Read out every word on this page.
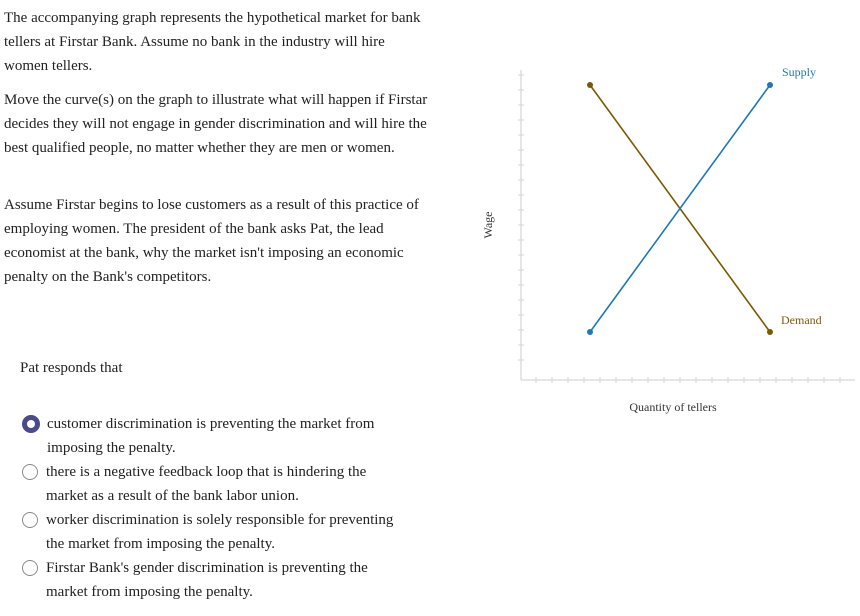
The accompanying graph represents the hypothetical market for bank tellers at Firstar Bank. Assume no bank in the industry will hire women tellers.

Move the curve(s) on the graph to illustrate what will happen if Firstar decides they will not engage in gender discrimination and will hire the best qualified people, no matter whether they are men or women.

Assume Firstar begins to lose customers as a result of this practice of employing women. The president of the bank asks Pat, the lead economist at the bank, why the market isn't imposing an economic penalty on the Bank's competitors.

Pat responds that
customer discrimination is preventing the market from imposing the penalty.
there is a negative feedback loop that is hindering the market as a result of the bank labor union.
worker discrimination is solely responsible for preventing the market from imposing the penalty.
Firstar Bank's gender discrimination is preventing the market from imposing the penalty.
Supply
Demand
Quantity of tellers
Wage
